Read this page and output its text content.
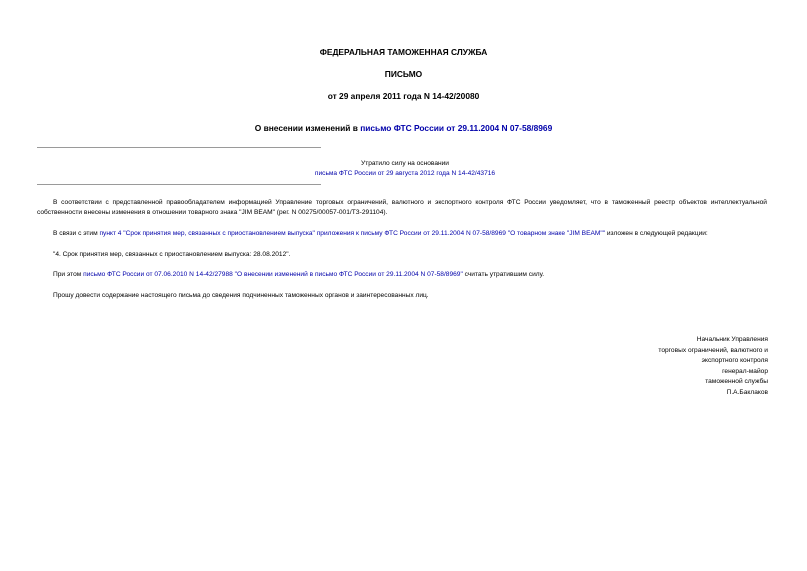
ФЕДЕРАЛЬНАЯ ТАМОЖЕННАЯ СЛУЖБА
ПИСЬМО
от 29 апреля 2011 года N 14-42/20080
О внесении изменений в письмо ФТС России от 29.11.2004 N 07-58/8969
Утратило силу на основании
письма ФТС России от 29 августа 2012 года N 14-42/43716
В соответствии с представленной правообладателем информацией Управление торговых ограничений, валютного и экспортного контроля ФТС России уведомляет, что в таможенный реестр объектов интеллектуальной собственности внесены изменения в отношении товарного знака "JIM BEAM" (рег. N 00275/00057-001/ТЗ-291104).
В связи с этим пункт 4 "Срок принятия мер, связанных с приостановлением выпуска" приложения к письму ФТС России от 29.11.2004 N 07-58/8969 "О товарном знаке "JIM BEAM"" изложен в следующей редакции:
"4. Срок принятия мер, связанных с приостановлением выпуска: 28.08.2012".
При этом письмо ФТС России от 07.06.2010 N 14-42/27988 "О внесении изменений в письмо ФТС России от 29.11.2004 N 07-58/8969" считать утратившим силу.
Прошу довести содержание настоящего письма до сведения подчиненных таможенных органов и заинтересованных лиц.
Начальник Управления
торговых ограничений, валютного и
экспортного контроля
генерал-майор
таможенной службы
П.А.Баклаков
